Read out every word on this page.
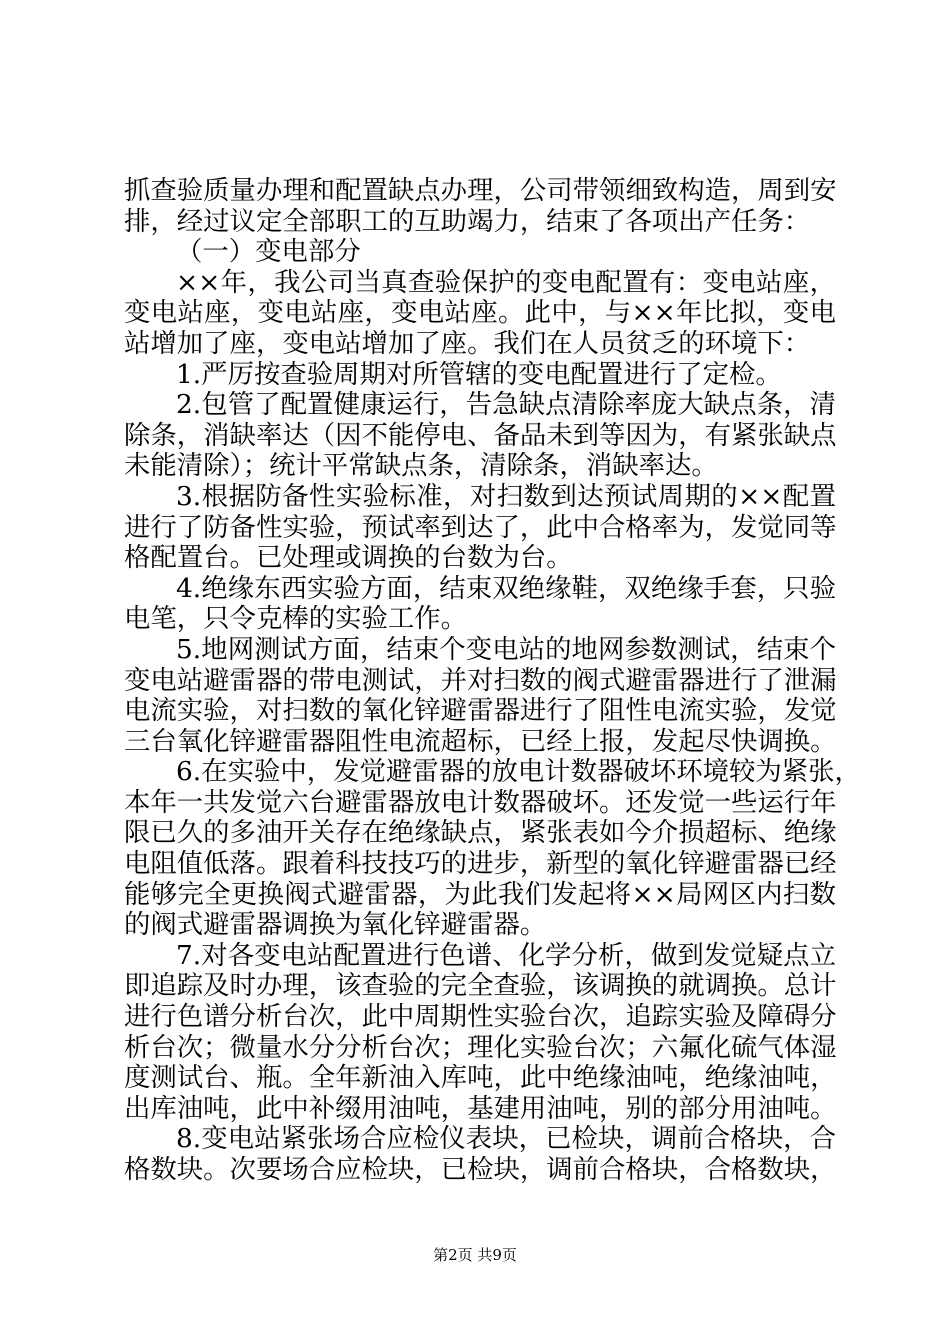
抓查验质量办理和配置缺点办理，公司带领细致构造，周到安
排，经过议定全部职工的互助竭力，结束了各项出产任务：
（一）变电部分
××年，我公司当真查验保护的变电配置有：变电站座，
变电站座，变电站座，变电站座。此中，与××年比拟，变电
站增加了座，变电站增加了座。我们在人员贫乏的环境下：
1.严厉按查验周期对所管辖的变电配置进行了定检。
2.包管了配置健康运行，告急缺点清除率庞大缺点条，清
除条，消缺率达（因不能停电、备品未到等因为，有紧张缺点
未能清除）；统计平常缺点条，清除条，消缺率达。
3.根据防备性实验标准，对扫数到达预试周期的××配置
进行了防备性实验，预试率到达了，此中合格率为，发觉同等
格配置台。已处理或调换的台数为台。
4.绝缘东西实验方面，结束双绝缘鞋，双绝缘手套，只验
电笔，只令克棒的实验工作。
5.地网测试方面，结束个变电站的地网参数测试，结束个
变电站避雷器的带电测试，并对扫数的阀式避雷器进行了泄漏
电流实验，对扫数的氧化锌避雷器进行了阻性电流实验，发觉
三台氧化锌避雷器阻性电流超标，已经上报，发起尽快调换。
6.在实验中，发觉避雷器的放电计数器破坏环境较为紧张，
本年一共发觉六台避雷器放电计数器破坏。还发觉一些运行年
限已久的多油开关存在绝缘缺点，紧张表如今介损超标、绝缘
电阻值低落。跟着科技技巧的进步，新型的氧化锌避雷器已经
能够完全更换阀式避雷器，为此我们发起将××局网区内扫数
的阀式避雷器调换为氧化锌避雷器。
7.对各变电站配置进行色谱、化学分析，做到发觉疑点立
即追踪及时办理，该查验的完全查验，该调换的就调换。总计
进行色谱分析台次，此中周期性实验台次，追踪实验及障碍分
析台次；微量水分分析台次；理化实验台次；六氟化硫气体湿
度测试台、瓶。全年新油入库吨，此中绝缘油吨，绝缘油吨，
出库油吨，此中补缀用油吨，基建用油吨，别的部分用油吨。
8.变电站紧张场合应检仪表块，已检块，调前合格块，合
格数块。次要场合应检块，已检块，调前合格块，合格数块，
第2页 共9页
